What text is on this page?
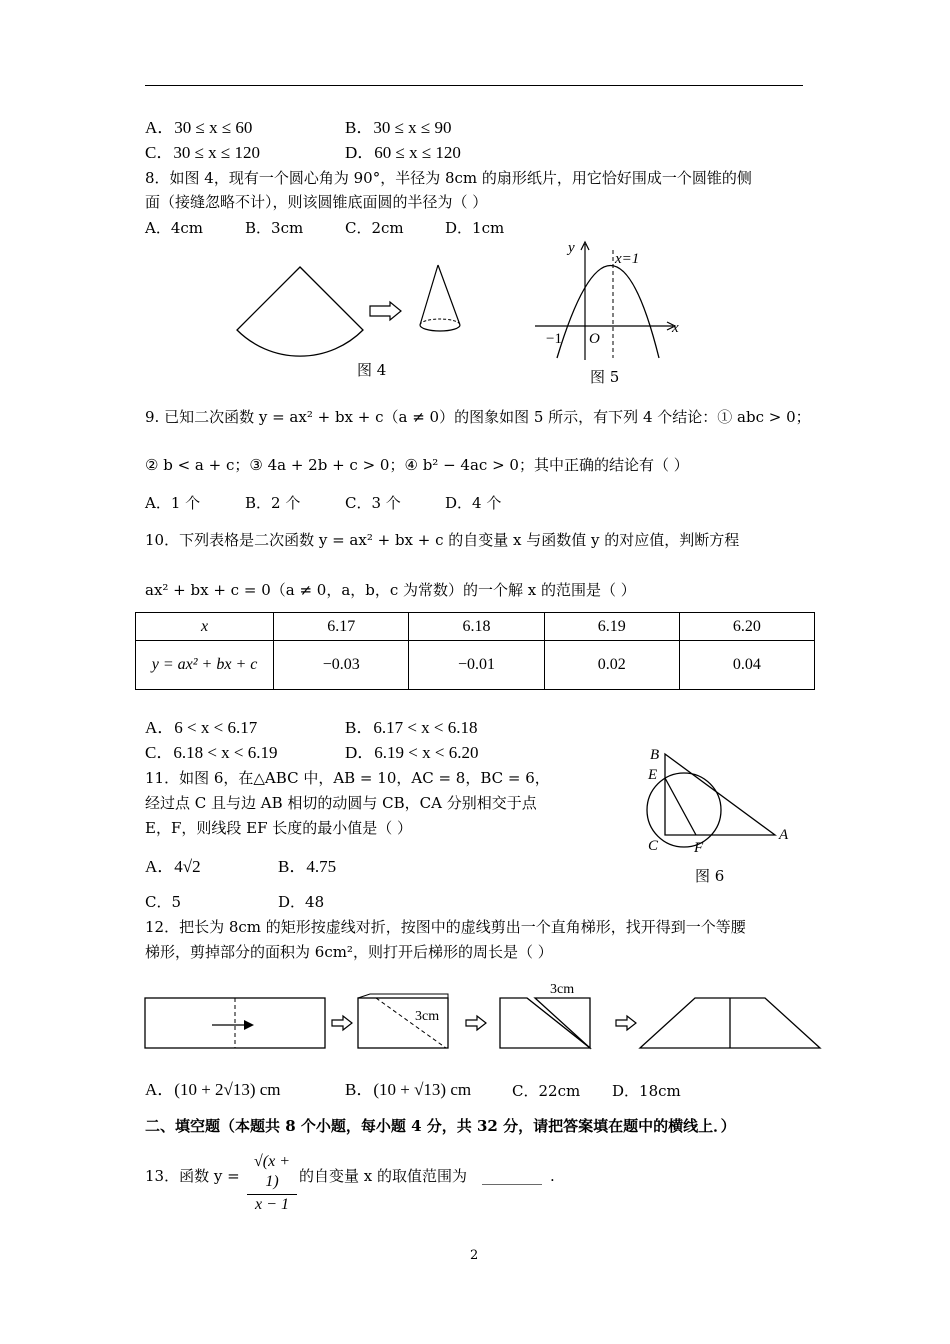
A．30 ≤ x ≤ 60	B．30 ≤ x ≤ 90
C．30 ≤ x ≤ 120	D．60 ≤ x ≤ 120
8．如图 4，现有一个圆心角为 90°，半径为 8cm 的扇形纸片，用它恰好围成一个圆锥的侧
面（接缝忽略不计），则该圆锥底面圆的半径为（ ）
A．4cm	B．3cm	C．2cm	D．1cm
图 4
y
x
x=1
−1 O
图 5
9. 已知二次函数 y = ax² + bx + c（a ≠ 0）的图象如图 5 所示，有下列 4 个结论：① abc > 0；
② b < a + c；③ 4a + 2b + c > 0；④ b² − 4ac > 0；其中正确的结论有（ ）
A．1 个	B．2 个	C．3 个	D．4 个
10．下列表格是二次函数 y = ax² + bx + c 的自变量 x 与函数值 y 的对应值，判断方程
ax² + bx + c = 0（a ≠ 0，a，b，c 为常数）的一个解 x 的范围是（ ）
x	6.17	6.18	6.19	6.20
y = ax² + bx + c	−0.03	−0.01	0.02	0.04
A．6 < x < 6.17	B．6.17 < x < 6.18
C．6.18 < x < 6.19	D．6.19 < x < 6.20
11．如图 6，在△ABC 中，AB = 10，AC = 8，BC = 6，
经过点 C 且与边 AB 相切的动圆与 CB，CA 分别相交于点
E，F，则线段 EF 长度的最小值是（ ）
A．4√2	B．4.75
C．5	D．48
B
E
C F
A
图 6
12．把长为 8cm 的矩形按虚线对折，按图中的虚线剪出一个直角梯形，找开得到一个等腰
梯形，剪掉部分的面积为 6cm²，则打开后梯形的周长是（ ）
3cm
3cm
A．(10 + 2√13) cm	B．(10 + √13) cm	C．22cm D．18cm
二、填空题（本题共 8 个小题，每小题 4 分，共 32 分，请把答案填在题中的横线上．）
13．函数 $y = \frac{√(x + 1)}{x - 1}$ 的自变量 x 的取值范围为 ________ .
2
